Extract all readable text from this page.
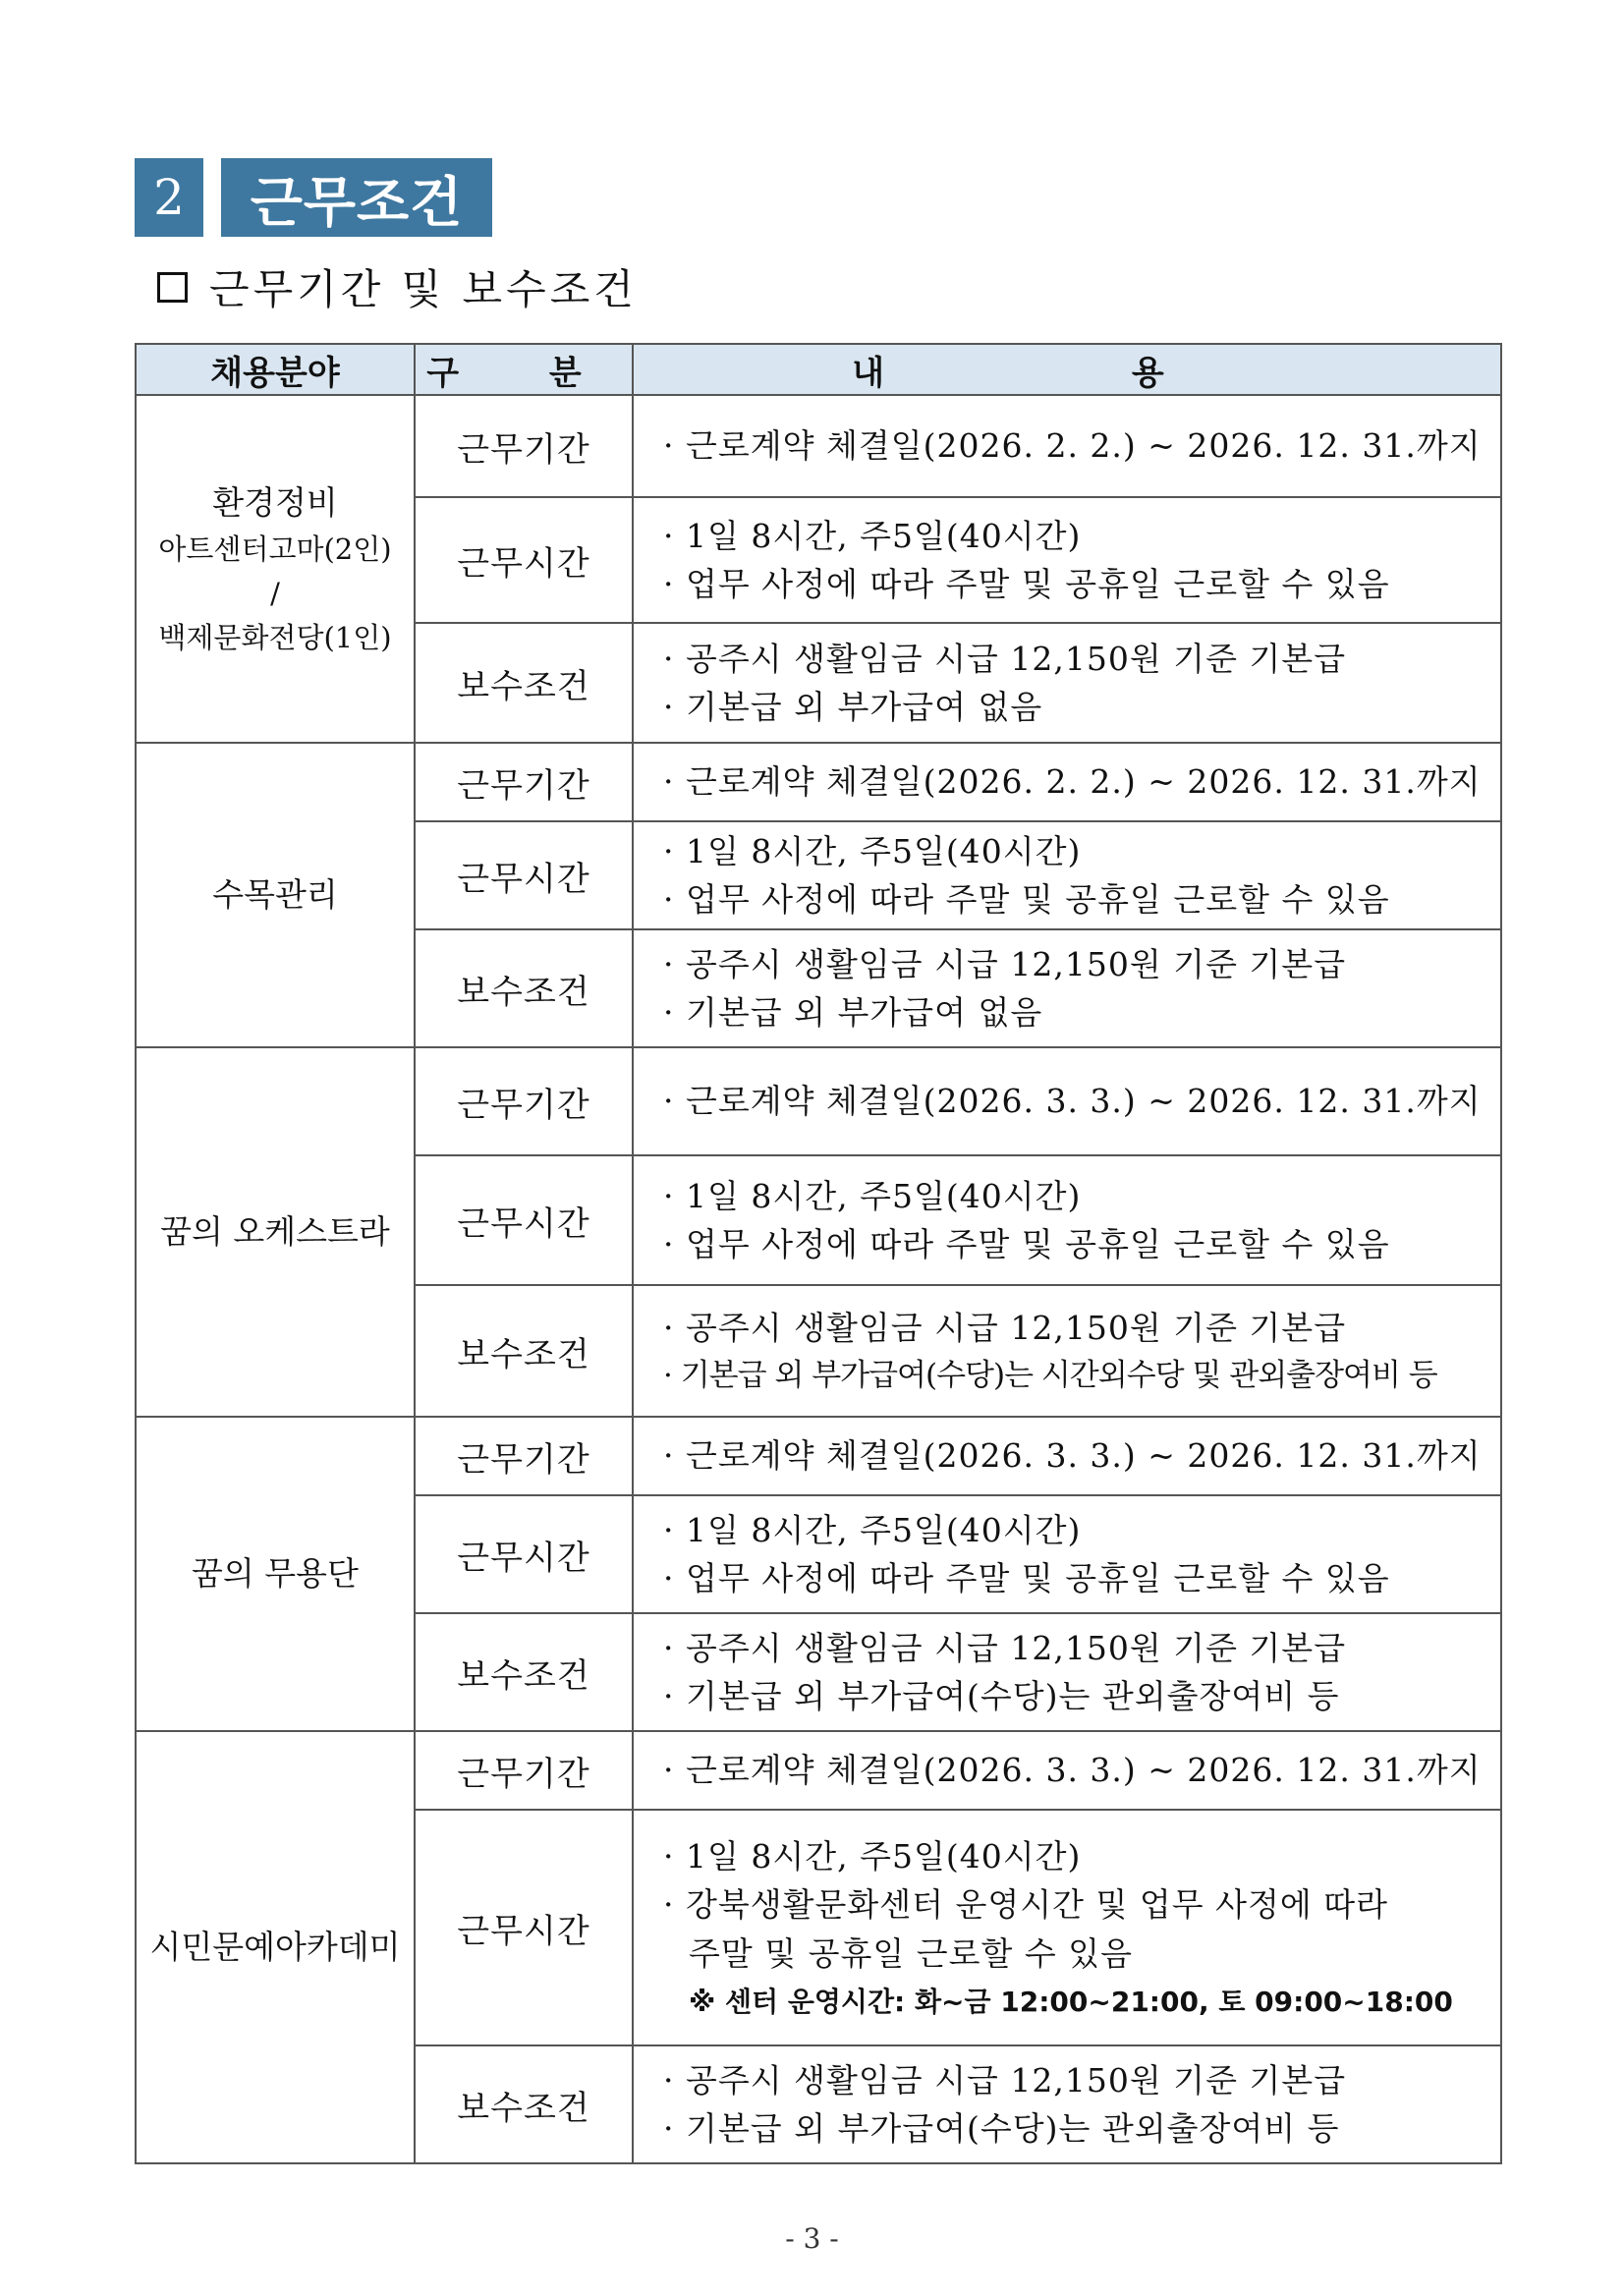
2	근무조건
근무기간 및 보수조건
채용분야	구 분	내 용

환경정비
아트센터고마(2인)
/
백제문화전당(1인)	근무기간	· 근로계약 체결일(2026. 2. 2.) ~ 2026. 12. 31.까지

	근무시간	· 1일 8시간, 주5일(40시간)
· 업무 사정에 따라 주말 및 공휴일 근로할 수 있음

	보수조건	· 공주시 생활임금 시급 12,150원 기준 기본급
· 기본급 외 부가급여 없음

수목관리	근무기간	· 근로계약 체결일(2026. 2. 2.) ~ 2026. 12. 31.까지

	근무시간	· 1일 8시간, 주5일(40시간)
· 업무 사정에 따라 주말 및 공휴일 근로할 수 있음

	보수조건	· 공주시 생활임금 시급 12,150원 기준 기본급
· 기본급 외 부가급여 없음

꿈의 오케스트라	근무기간	· 근로계약 체결일(2026. 3. 3.) ~ 2026. 12. 31.까지

	근무시간	· 1일 8시간, 주5일(40시간)
· 업무 사정에 따라 주말 및 공휴일 근로할 수 있음

	보수조건	· 공주시 생활임금 시급 12,150원 기준 기본급
· 기본급 외 부가급여(수당)는 시간외수당 및 관외출장여비 등

꿈의 무용단	근무기간	· 근로계약 체결일(2026. 3. 3.) ~ 2026. 12. 31.까지

	근무시간	· 1일 8시간, 주5일(40시간)
· 업무 사정에 따라 주말 및 공휴일 근로할 수 있음

	보수조건	· 공주시 생활임금 시급 12,150원 기준 기본급
· 기본급 외 부가급여(수당)는 관외출장여비 등

시민문예아카데미	근무기간	· 근로계약 체결일(2026. 3. 3.) ~ 2026. 12. 31.까지

	근무시간	· 1일 8시간, 주5일(40시간)
· 강북생활문화센터 운영시간 및 업무 사정에 따라
주말 및 공휴일 근로할 수 있음
※ 센터 운영시간: 화~금 12:00~21:00, 토 09:00~18:00

	보수조건	· 공주시 생활임금 시급 12,150원 기준 기본급
· 기본급 외 부가급여(수당)는 관외출장여비 등
- 3 -
